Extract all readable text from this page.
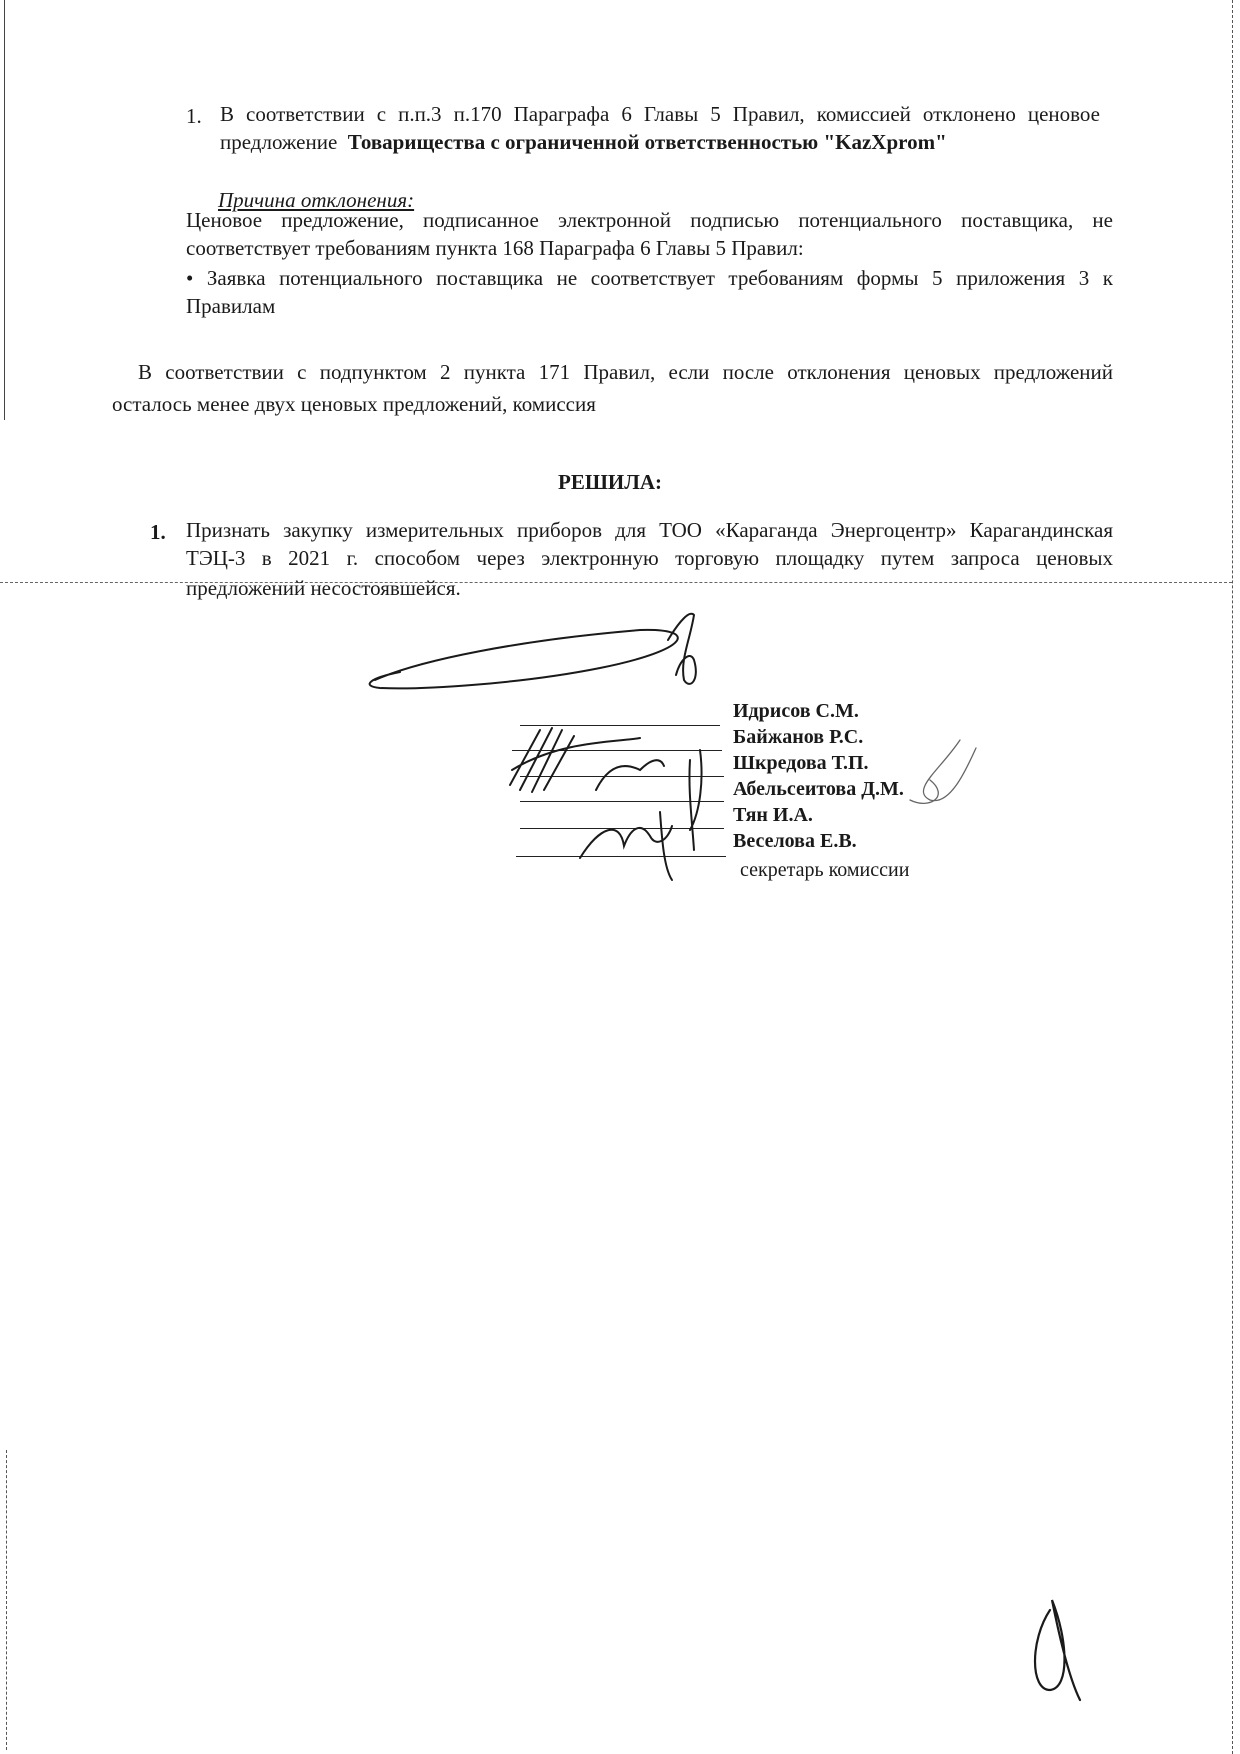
1. В соответствии с п.п.3 п.170 Параграфа 6 Главы 5 Правил, комиссией отклонено ценовое
предложение Товарищества с ограниченной ответственностью "KazXprom"
Причина отклонения:
Ценовое предложение, подписанное электронной подписью потенциального поставщика, не
соответствует требованиям пункта 168 Параграфа 6 Главы 5 Правил:
• Заявка потенциального поставщика не соответствует требованиям формы 5 приложения 3 к
Правилам
В соответствии с подпунктом 2 пункта 171 Правил, если после отклонения ценовых предложений
осталось менее двух ценовых предложений, комиссия
РЕШИЛА:
1. Признать закупку измерительных приборов для ТОО «Караганда Энергоцентр» Карагандинская
ТЭЦ-3 в 2021 г. способом через электронную торговую площадку путем запроса ценовых
предложений несостоявшейся.
Идрисов С.М.
Байжанов Р.С.
Шкредова Т.П.
Абельсеитова Д.М.
Тян И.А.
Веселова Е.В.
секретарь комиссии
